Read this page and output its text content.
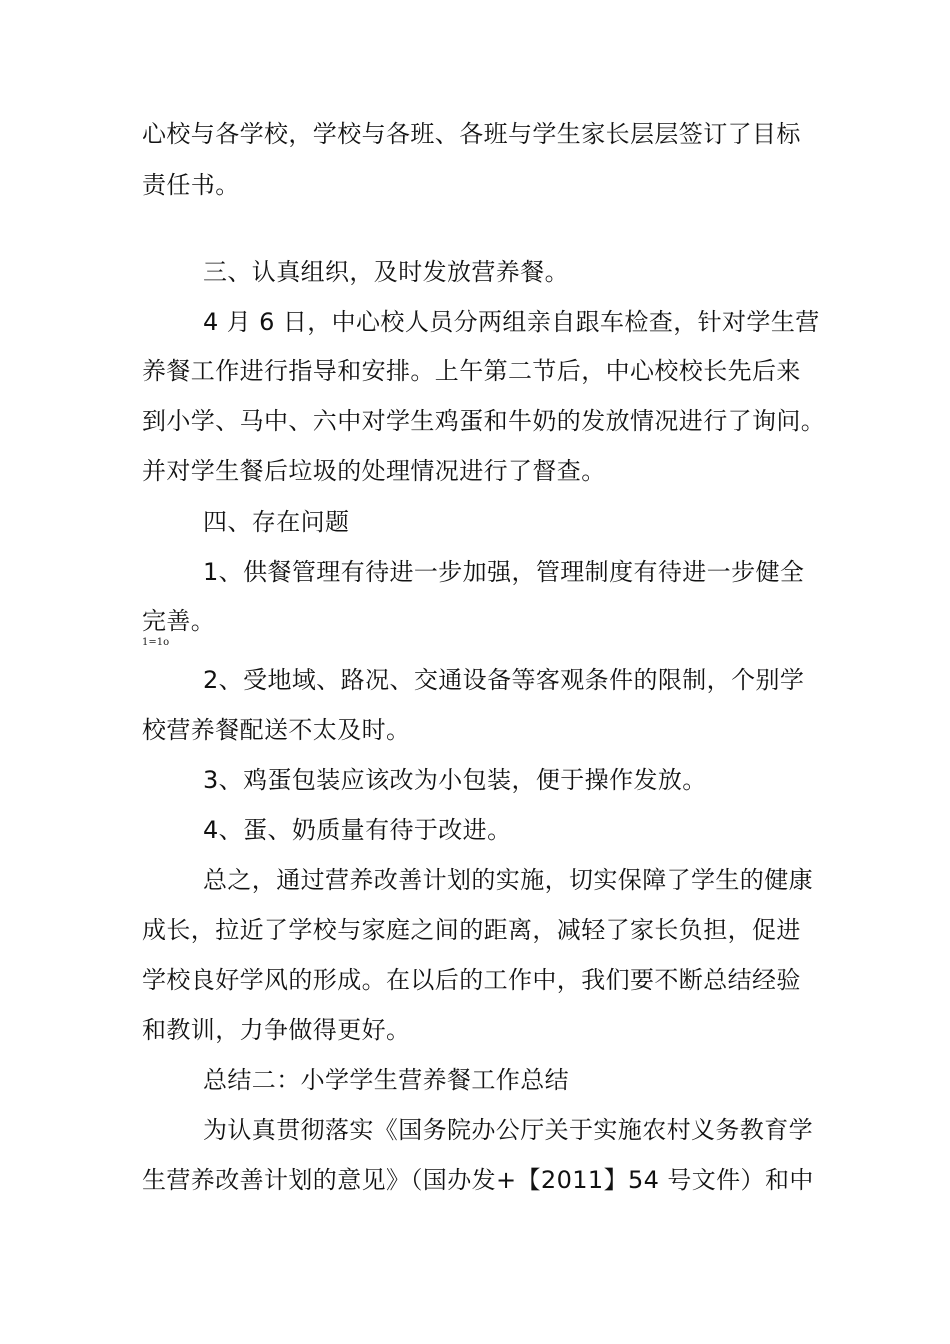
心校与各学校，学校与各班、各班与学生家长层层签订了目标
责任书。
三、认真组织，及时发放营养餐。
4 月 6 日，中心校人员分两组亲自跟车检查，针对学生营
养餐工作进行指导和安排。上午第二节后，中心校校长先后来
到小学、马中、六中对学生鸡蛋和牛奶的发放情况进行了询问。
并对学生餐后垃圾的处理情况进行了督查。
四、存在问题
1、供餐管理有待进一步加强，管理制度有待进一步健全
完善。
1=1o
2、受地域、路况、交通设备等客观条件的限制，个别学
校营养餐配送不太及时。
3、鸡蛋包装应该改为小包装，便于操作发放。
4、蛋、奶质量有待于改进。
总之，通过营养改善计划的实施，切实保障了学生的健康
成长，拉近了学校与家庭之间的距离，减轻了家长负担，促进
学校良好学风的形成。在以后的工作中，我们要不断总结经验
和教训，力争做得更好。
总结二：小学学生营养餐工作总结
为认真贯彻落实《国务院办公厅关于实施农村义务教育学
生营养改善计划的意见》（国办发+【2011】54 号文件）和中
